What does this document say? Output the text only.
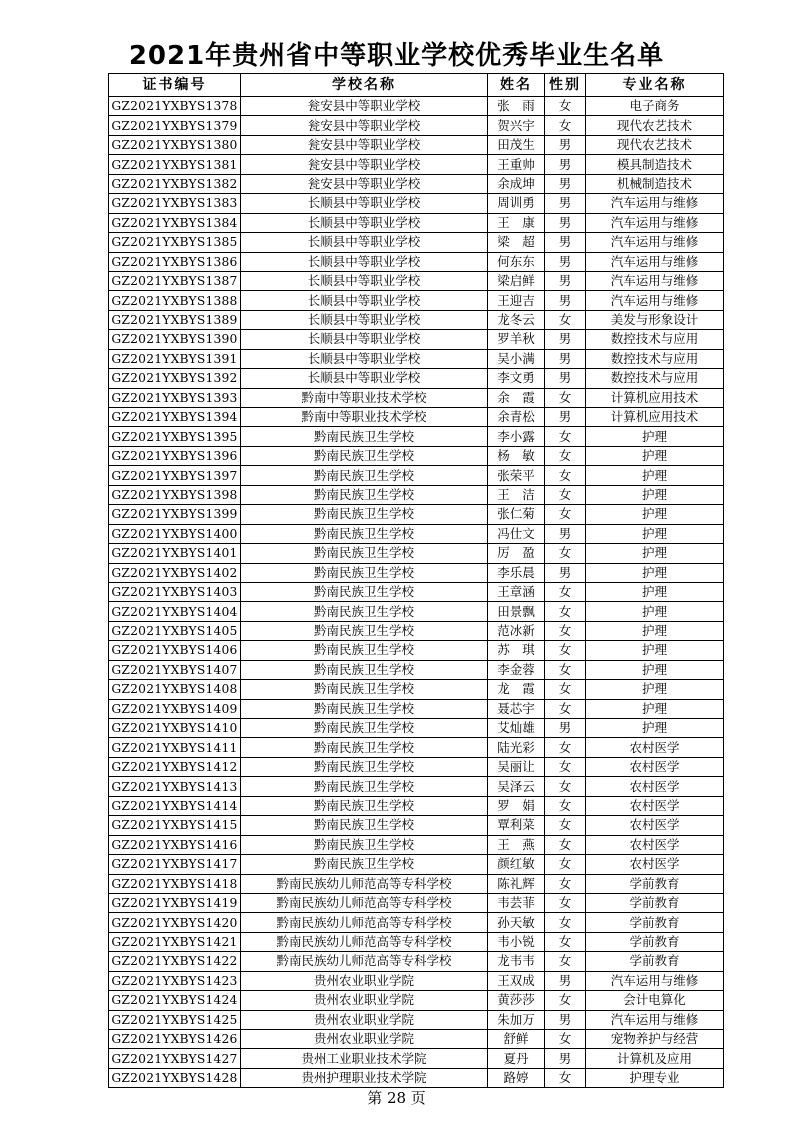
2021年贵州省中等职业学校优秀毕业生名单
证书编号	学校名称	姓名	性别	专业名称
GZ2021YXBYS1378	瓮安县中等职业学校	张　雨	女	电子商务
GZ2021YXBYS1379	瓮安县中等职业学校	贺兴宇	女	现代农艺技术
GZ2021YXBYS1380	瓮安县中等职业学校	田茂生	男	现代农艺技术
GZ2021YXBYS1381	瓮安县中等职业学校	王重帅	男	模具制造技术
GZ2021YXBYS1382	瓮安县中等职业学校	余成坤	男	机械制造技术
GZ2021YXBYS1383	长顺县中等职业学校	周训勇	男	汽车运用与维修
GZ2021YXBYS1384	长顺县中等职业学校	王　康	男	汽车运用与维修
GZ2021YXBYS1385	长顺县中等职业学校	梁　超	男	汽车运用与维修
GZ2021YXBYS1386	长顺县中等职业学校	何东东	男	汽车运用与维修
GZ2021YXBYS1387	长顺县中等职业学校	梁启鲜	男	汽车运用与维修
GZ2021YXBYS1388	长顺县中等职业学校	王迎吉	男	汽车运用与维修
GZ2021YXBYS1389	长顺县中等职业学校	龙冬云	女	美发与形象设计
GZ2021YXBYS1390	长顺县中等职业学校	罗羊秋	男	数控技术与应用
GZ2021YXBYS1391	长顺县中等职业学校	吴小满	男	数控技术与应用
GZ2021YXBYS1392	长顺县中等职业学校	李文勇	男	数控技术与应用
GZ2021YXBYS1393	黔南中等职业技术学校	余　霞	女	计算机应用技术
GZ2021YXBYS1394	黔南中等职业技术学校	余青松	男	计算机应用技术
GZ2021YXBYS1395	黔南民族卫生学校	李小露	女	护理
GZ2021YXBYS1396	黔南民族卫生学校	杨　敏	女	护理
GZ2021YXBYS1397	黔南民族卫生学校	张荣平	女	护理
GZ2021YXBYS1398	黔南民族卫生学校	王　洁	女	护理
GZ2021YXBYS1399	黔南民族卫生学校	张仁菊	女	护理
GZ2021YXBYS1400	黔南民族卫生学校	冯仕文	男	护理
GZ2021YXBYS1401	黔南民族卫生学校	厉　盈	女	护理
GZ2021YXBYS1402	黔南民族卫生学校	李乐晨	男	护理
GZ2021YXBYS1403	黔南民族卫生学校	王章涵	女	护理
GZ2021YXBYS1404	黔南民族卫生学校	田景飘	女	护理
GZ2021YXBYS1405	黔南民族卫生学校	范冰新	女	护理
GZ2021YXBYS1406	黔南民族卫生学校	苏　琪	女	护理
GZ2021YXBYS1407	黔南民族卫生学校	李金蓉	女	护理
GZ2021YXBYS1408	黔南民族卫生学校	龙　霞	女	护理
GZ2021YXBYS1409	黔南民族卫生学校	聂芯宇	女	护理
GZ2021YXBYS1410	黔南民族卫生学校	艾灿雄	男	护理
GZ2021YXBYS1411	黔南民族卫生学校	陆光彩	女	农村医学
GZ2021YXBYS1412	黔南民族卫生学校	吴丽让	女	农村医学
GZ2021YXBYS1413	黔南民族卫生学校	吴泽云	女	农村医学
GZ2021YXBYS1414	黔南民族卫生学校	罗　娟	女	农村医学
GZ2021YXBYS1415	黔南民族卫生学校	覃利菜	女	农村医学
GZ2021YXBYS1416	黔南民族卫生学校	王　燕	女	农村医学
GZ2021YXBYS1417	黔南民族卫生学校	颜红敏	女	农村医学
GZ2021YXBYS1418	黔南民族幼儿师范高等专科学校	陈礼辉	女	学前教育
GZ2021YXBYS1419	黔南民族幼儿师范高等专科学校	韦芸菲	女	学前教育
GZ2021YXBYS1420	黔南民族幼儿师范高等专科学校	孙天敏	女	学前教育
GZ2021YXBYS1421	黔南民族幼儿师范高等专科学校	韦小锐	女	学前教育
GZ2021YXBYS1422	黔南民族幼儿师范高等专科学校	龙韦韦	女	学前教育
GZ2021YXBYS1423	贵州农业职业学院	王双成	男	汽车运用与维修
GZ2021YXBYS1424	贵州农业职业学院	黄莎莎	女	会计电算化
GZ2021YXBYS1425	贵州农业职业学院	朱加万	男	汽车运用与维修
GZ2021YXBYS1426	贵州农业职业学院	舒鲜	女	宠物养护与经营
GZ2021YXBYS1427	贵州工业职业技术学院	夏丹	男	计算机及应用
GZ2021YXBYS1428	贵州护理职业技术学院	路婷	女	护理专业
第 28 页
